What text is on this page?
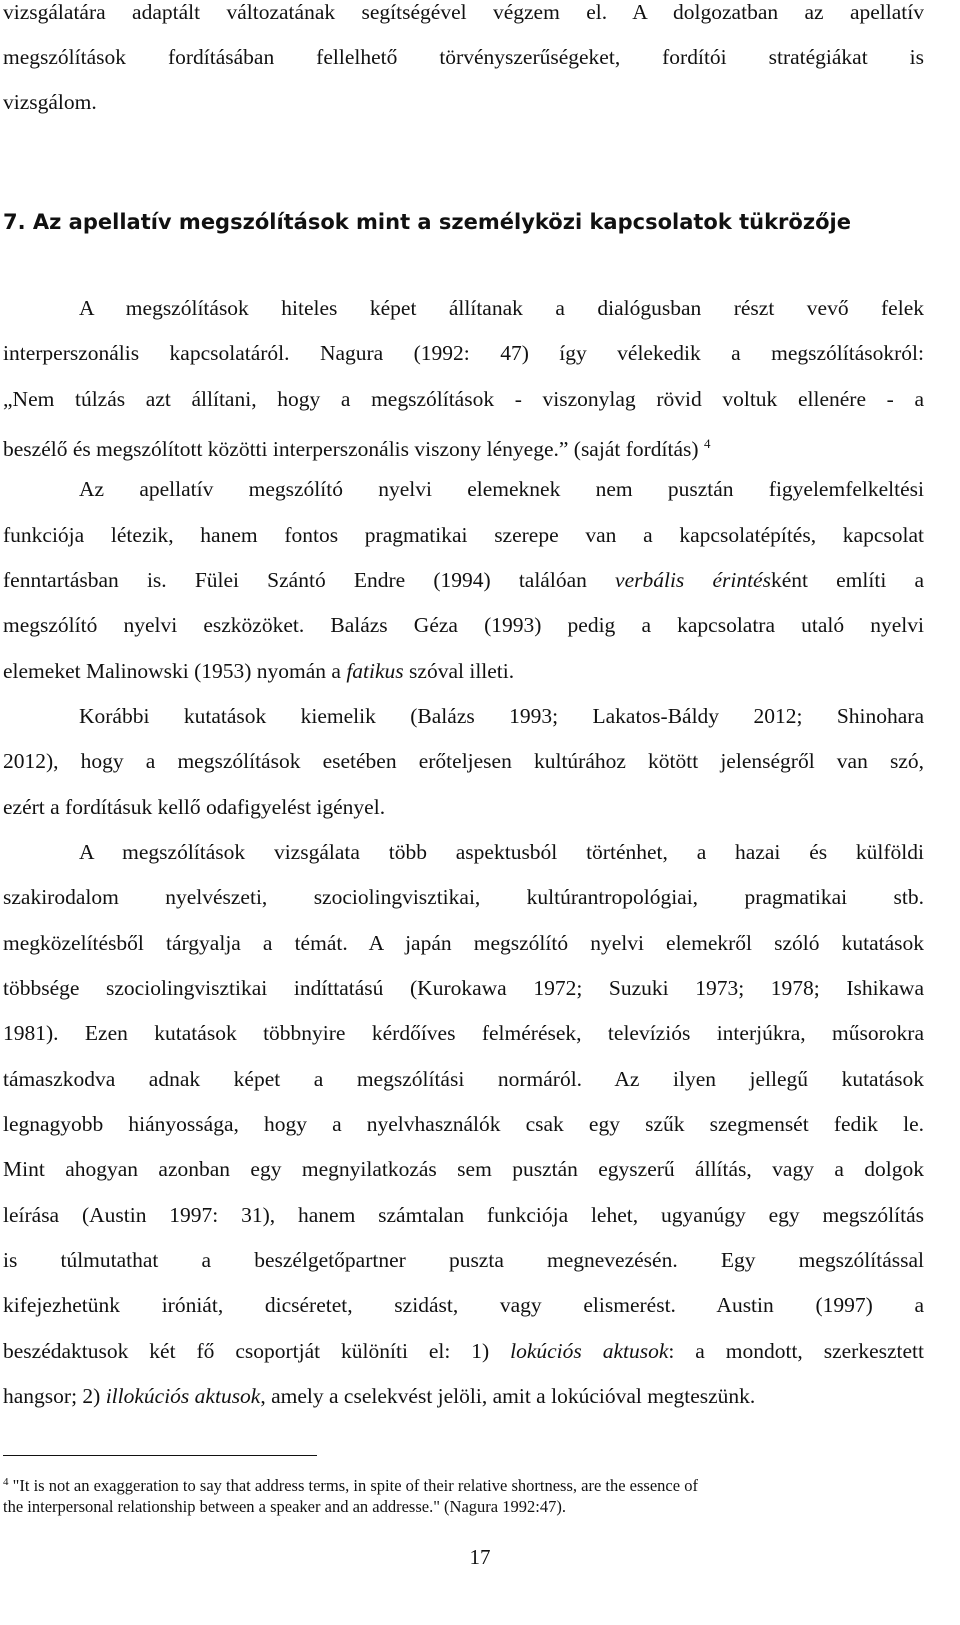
vizsgálatára adaptált változatának segítségével végzem el. A dolgozatban az apellatív
megszólítások fordításában fellelhető törvényszerűségeket, fordítói stratégiákat is
vizsgálom.
7. Az apellatív megszólítások mint a személyközi kapcsolatok tükrözője
A megszólítások hiteles képet állítanak a dialógusban részt vevő felek
interperszonális kapcsolatáról. Nagura (1992: 47) így vélekedik a megszólításokról:
„Nem túlzás azt állítani, hogy a megszólítások - viszonylag rövid voltuk ellenére - a
beszélő és megszólított közötti interperszonális viszony lényege.” (saját fordítás) $^4$
Az apellatív megszólító nyelvi elemeknek nem pusztán figyelemfelkeltési
funkciója létezik, hanem fontos pragmatikai szerepe van a kapcsolatépítés, kapcsolat
fenntartásban is. Fülei Szántó Endre (1994) találóan verbális érintésként említi a
megszólító nyelvi eszközöket. Balázs Géza (1993) pedig a kapcsolatra utaló nyelvi
elemeket Malinowski (1953) nyomán a fatikus szóval illeti.
Korábbi kutatások kiemelik (Balázs 1993; Lakatos-Báldy 2012; Shinohara
2012), hogy a megszólítások esetében erőteljesen kultúrához kötött jelenségről van szó,
ezért a fordításuk kellő odafigyelést igényel.
A megszólítások vizsgálata több aspektusból történhet, a hazai és külföldi
szakirodalom nyelvészeti, szociolingvisztikai, kultúrantropológiai, pragmatikai stb.
megközelítésből tárgyalja a témát. A japán megszólító nyelvi elemekről szóló kutatások
többsége szociolingvisztikai indíttatású (Kurokawa 1972; Suzuki 1973; 1978; Ishikawa
1981). Ezen kutatások többnyire kérdőíves felmérések, televíziós interjúkra, műsorokra
támaszkodva adnak képet a megszólítási normáról. Az ilyen jellegű kutatások
legnagyobb hiányossága, hogy a nyelvhasználók csak egy szűk szegmensét fedik le.
Mint ahogyan azonban egy megnyilatkozás sem pusztán egyszerű állítás, vagy a dolgok
leírása (Austin 1997: 31), hanem számtalan funkciója lehet, ugyanúgy egy megszólítás
is túlmutathat a beszélgetőpartner puszta megnevezésén. Egy megszólítással
kifejezhetünk iróniát, dicséretet, szidást, vagy elismerést. Austin (1997) a
beszédaktusok két fő csoportját különíti el: 1) lokúciós aktusok: a mondott, szerkesztett
hangsor; 2) illokúciós aktusok, amely a cselekvést jelöli, amit a lokúcióval megteszünk.
$^4$ "It is not an exaggeration to say that address terms, in spite of their relative shortness, are the essence of
the interpersonal relationship between a speaker and an addresse." (Nagura 1992:47).
17
